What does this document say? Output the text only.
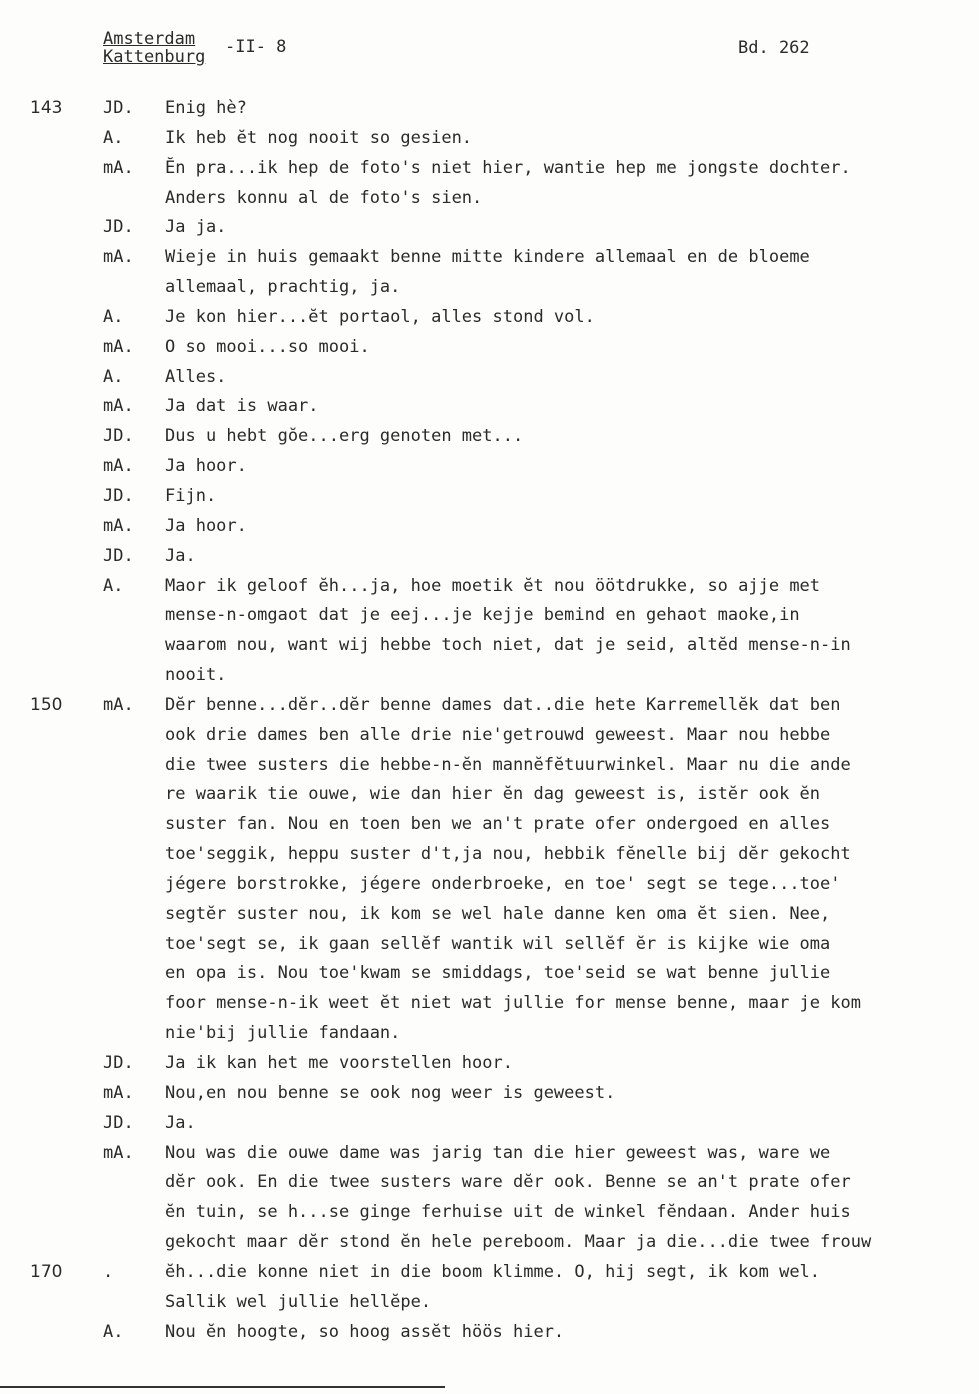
Amsterdam
Kattenburg -II- 8	Bd. 262
143 JD. Enig hè?
A. Ik heb ĕt nog nooit so gesien.
mA. Ĕn pra...ik hep de foto's niet hier, wantie hep me jongste dochter.
Anders konnu al de foto's sien.
JD. Ja ja.
mA. Wieje in huis gemaakt benne mitte kindere allemaal en de bloeme
allemaal, prachtig, ja.
A. Je kon hier...ĕt portaol, alles stond vol.
mA. O so mooi...so mooi.
A. Alles.
mA. Ja dat is waar.
JD. Dus u hebt gŏe...erg genoten met...
mA. Ja hoor.
JD. Fijn.
mA. Ja hoor.
JD. Ja.
A. Maor ik geloof ĕh...ja, hoe moetik ĕt nou öötdrukke, so ajje met
mense-n-omgaot dat je eej...je kejje bemind en gehaot maoke,in
waarom nou, want wij hebbe toch niet, dat je seid, altĕd mense-n-in
nooit.
150 mA. Dĕr benne...dĕr..dĕr benne dames dat..die hete Karremellĕk dat ben
ook drie dames ben alle drie nie'getrouwd geweest. Maar nou hebbe
die twee susters die hebbe-n-ĕn mannĕfĕtuurwinkel. Maar nu die ande
re waarik tie ouwe, wie dan hier ĕn dag geweest is, istĕr ook ĕn
suster fan. Nou en toen ben we an't prate ofer ondergoed en alles
toe'seggik, heppu suster d't,ja nou, hebbik fĕnelle bij dĕr gekocht
jégere borstrokke, jégere onderbroeke, en toe' segt se tege...toe'
segtĕr suster nou, ik kom se wel hale danne ken oma ĕt sien. Nee,
toe'segt se, ik gaan sellĕf wantik wil sellĕf ĕr is kijke wie oma
en opa is. Nou toe'kwam se smiddags, toe'seid se wat benne jullie
foor mense-n-ik weet ĕt niet wat jullie for mense benne, maar je kom
nie'bij jullie fandaan.
JD. Ja ik kan het me voorstellen hoor.
mA. Nou,en nou benne se ook nog weer is geweest.
JD. Ja.
mA. Nou was die ouwe dame was jarig tan die hier geweest was, ware we
dĕr ook. En die twee susters ware dĕr ook. Benne se an't prate ofer
ĕn tuin, se h...se ginge ferhuise uit de winkel fĕndaan. Ander huis
gekocht maar dĕr stond ĕn hele pereboom. Maar ja die...die twee frouw
170 .	ĕh...die konne niet in die boom klimme. O, hij segt, ik kom wel.
Sallik wel jullie hellĕpe.
A. Nou ĕn hoogte, so hoog assĕt höös hier.
